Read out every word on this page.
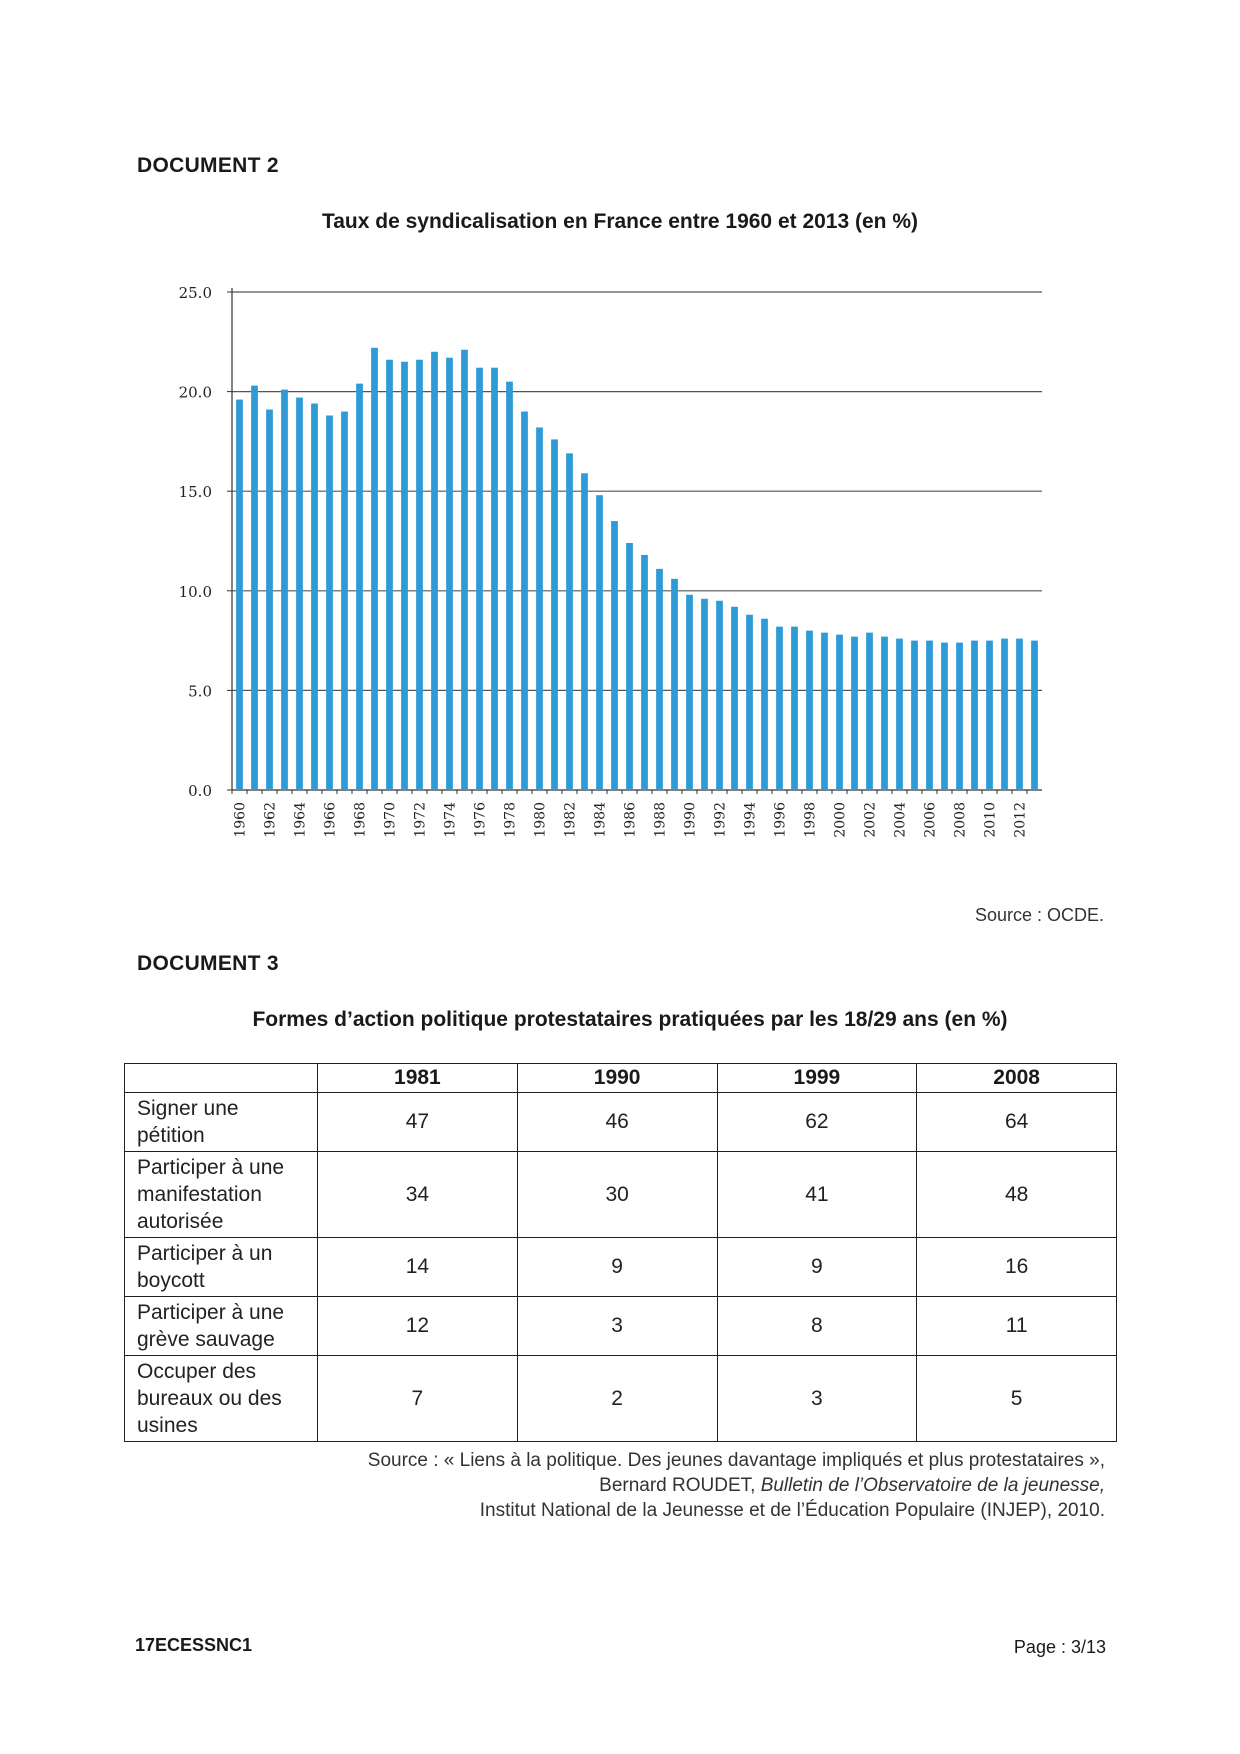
DOCUMENT 2
Taux de syndicalisation en France entre 1960 et 2013 (en %)
0.0
5.0
10.0
15.0
20.0
25.0
1960 1962 1964 1966 1968 1970 1972 1974 1976 1978 1980 1982 1984 1986 1988 1990 1992 1994 1996 1998 2000 2002 2004 2006 2008 2010 2012
Source : OCDE.
DOCUMENT 3
Formes d’action politique protestataires pratiquées par les 18/29 ans (en %)
	1981	1990	1999	2008

Signer une
pétition	47	46	62	64

Participer à une
manifestation
autorisée	34	30	41	48

Participer à un
boycott	14	9	9	16

Participer à une
grève sauvage	12	3	8	11

Occuper des
bureaux ou des
usines	7	2	3	5
Source : « Liens à la politique. Des jeunes davantage impliqués et plus protestataires »,
Bernard ROUDET, Bulletin de l’Observatoire de la jeunesse,
Institut National de la Jeunesse et de l’Éducation Populaire (INJEP), 2010.
17ECESSNC1	Page : 3/13
